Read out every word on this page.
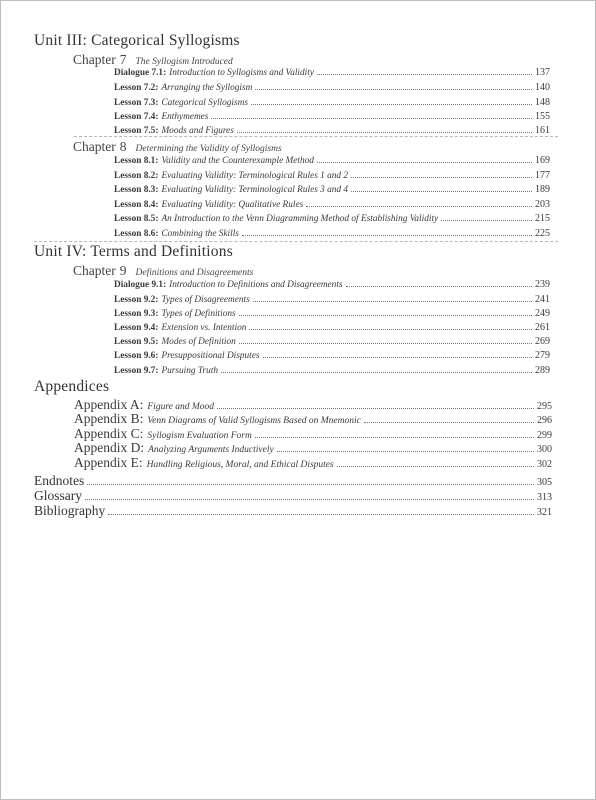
Unit III: Categorical Syllogisms
Chapter 7 The Syllogism Introduced
Dialogue 7.1: Introduction to Syllogisms and Validity	137
Lesson 7.2: Arranging the Syllogism	140
Lesson 7.3: Categorical Syllogisms	148
Lesson 7.4: Enthymemes	155
Lesson 7.5: Moods and Figures	161
Chapter 8 Determining the Validity of Syllogisms
Lesson 8.1: Validity and the Counterexample Method	169
Lesson 8.2: Evaluating Validity: Terminological Rules 1 and 2	177
Lesson 8.3: Evaluating Validity: Terminological Rules 3 and 4	189
Lesson 8.4: Evaluating Validity: Qualitative Rules	203
Lesson 8.5: An Introduction to the Venn Diagramming Method of Establishing Validity	215
Lesson 8.6: Combining the Skills	225
Unit IV: Terms and Definitions
Chapter 9 Definitions and Disagreements
Dialogue 9.1: Introduction to Definitions and Disagreements	239
Lesson 9.2: Types of Disagreements	241
Lesson 9.3: Types of Definitions	249
Lesson 9.4: Extension vs. Intention	261
Lesson 9.5: Modes of Definition	269
Lesson 9.6: Presuppositional Disputes	279
Lesson 9.7: Pursuing Truth	289
Appendices
Appendix A: Figure and Mood	295
Appendix B: Venn Diagrams of Valid Syllogisms Based on Mnemonic	296
Appendix C: Syllogism Evaluation Form	299
Appendix D: Analyzing Arguments Inductively	300
Appendix E: Handling Religious, Moral, and Ethical Disputes	302
Endnotes	305
Glossary	313
Bibliography	321
